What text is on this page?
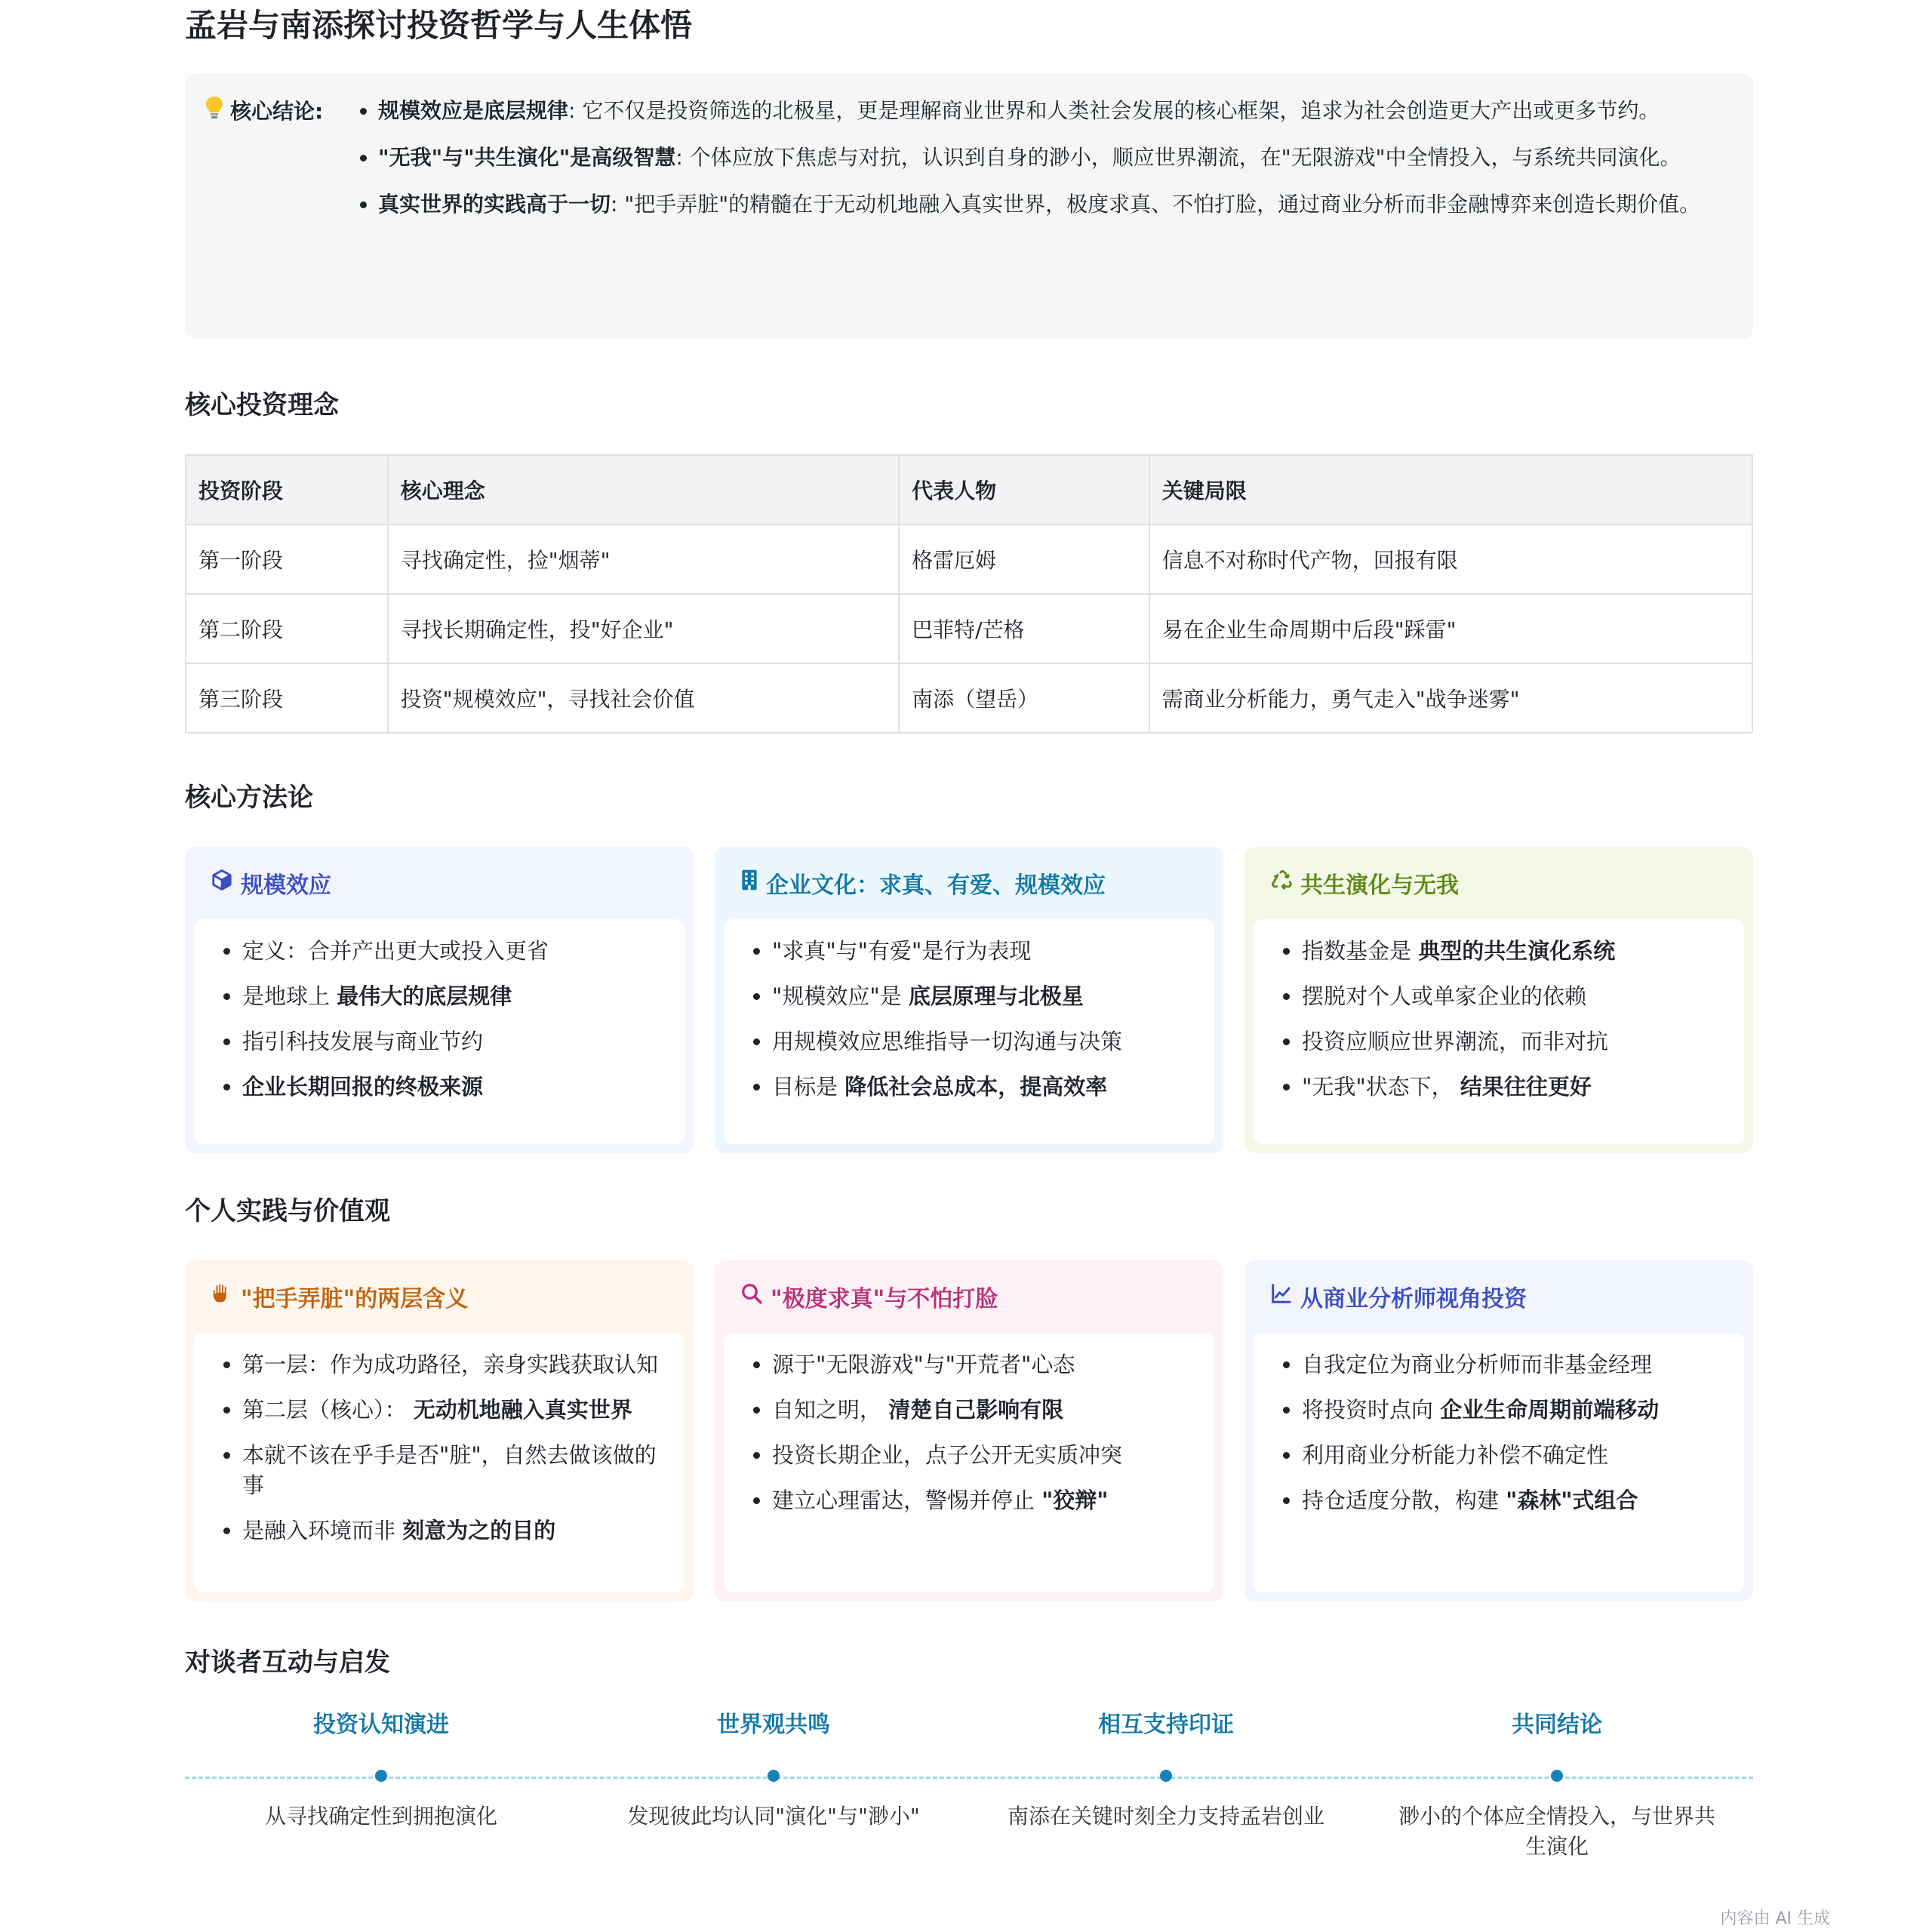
孟岩与南添探讨投资哲学与人生体悟
核心结论:	• 规模效应是底层规律: 它不仅是投资筛选的北极星，更是理解商业世界和人类社会发展的核心框架，追求为社会创造更大产出或更多节约。
• "无我"与"共生演化"是高级智慧: 个体应放下焦虑与对抗，认识到自身的渺小，顺应世界潮流，在"无限游戏"中全情投入，与系统共同演化。
• 真实世界的实践高于一切: "把手弄脏"的精髓在于无动机地融入真实世界，极度求真、不怕打脸，通过商业分析而非金融博弈来创造长期价值。
核心投资理念
投资阶段	核心理念	代表人物	关键局限
第一阶段	寻找确定性，捡"烟蒂"	格雷厄姆	信息不对称时代产物，回报有限
第二阶段	寻找长期确定性，投"好企业"	巴菲特/芒格	易在企业生命周期中后段"踩雷"
第三阶段	投资"规模效应"，寻找社会价值	南添（望岳）	需商业分析能力，勇气走入"战争迷雾"
核心方法论
规模效应
• 定义：合并产出更大或投入更省
• 是地球上 最伟大的底层规律
• 指引科技发展与商业节约
• 企业长期回报的终极来源
企业文化：求真、有爱、规模效应
• "求真"与"有爱"是行为表现
• "规模效应"是 底层原理与北极星
• 用规模效应思维指导一切沟通与决策
• 目标是 降低社会总成本，提高效率
共生演化与无我
• 指数基金是 典型的共生演化系统
• 摆脱对个人或单家企业的依赖
• 投资应顺应世界潮流，而非对抗
• "无我"状态下， 结果往往更好
个人实践与价值观
"把手弄脏"的两层含义
• 第一层：作为成功路径，亲身实践获取认知
• 第二层（核心）： 无动机地融入真实世界
• 本就不该在乎手是否"脏"，自然去做该做的事
• 是融入环境而非 刻意为之的目的
"极度求真"与不怕打脸
• 源于"无限游戏"与"开荒者"心态
• 自知之明， 清楚自己影响有限
• 投资长期企业，点子公开无实质冲突
• 建立心理雷达，警惕并停止 "狡辩"
从商业分析师视角投资
• 自我定位为商业分析师而非基金经理
• 将投资时点向 企业生命周期前端移动
• 利用商业分析能力补偿不确定性
• 持仓适度分散，构建 "森林"式组合
对谈者互动与启发
投资认知演进
从寻找确定性到拥抱演化
世界观共鸣
发现彼此均认同"演化"与"渺小"
相互支持印证
南添在关键时刻全力支持孟岩创业
共同结论
渺小的个体应全情投入，与世界共生演化
内容由 AI 生成
